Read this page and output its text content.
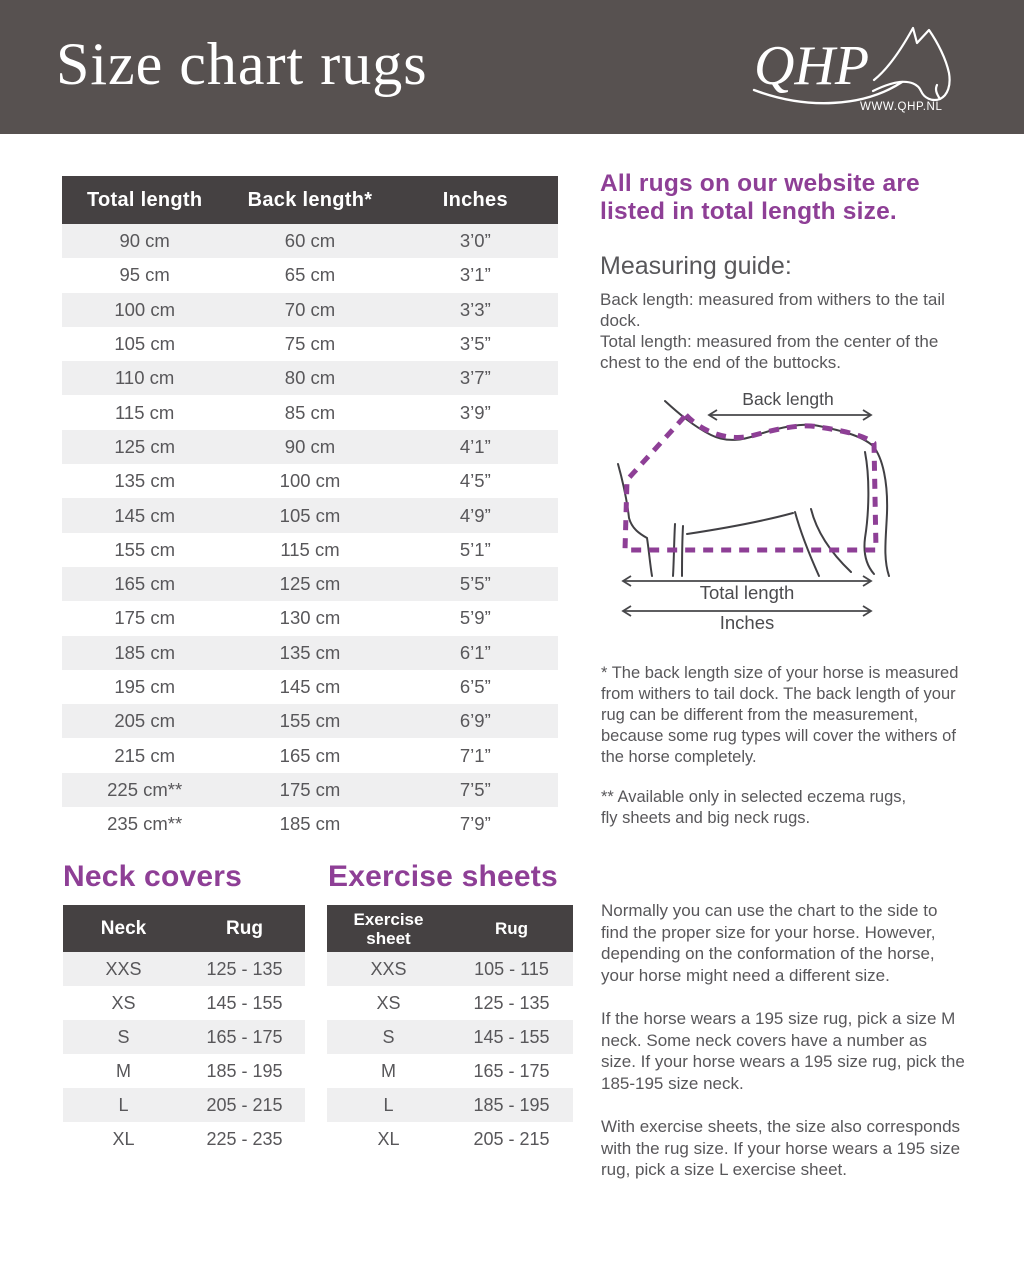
Size chart rugs	QHP
WWW.QHP.NL
Total length	Back length*	Inches
90 cm	60 cm	3’0”
95 cm	65 cm	3’1”
100 cm	70 cm	3’3”
105 cm	75 cm	3’5”
110 cm	80 cm	3’7”
115 cm	85 cm	3’9”
125 cm	90 cm	4’1”
135 cm	100 cm	4’5”
145 cm	105 cm	4’9”
155 cm	115 cm	5’1”
165 cm	125 cm	5’5”
175 cm	130 cm	5’9”
185 cm	135 cm	6’1”
195 cm	145 cm	6’5”
205 cm	155 cm	6’9”
215 cm	165 cm	7’1”
225 cm**	175 cm	7’5”
235 cm**	185 cm	7’9”
All rugs on our website are listed in total length size.
Measuring guide:
Back length: measured from withers to the tail dock.
Total length: measured from the center of the chest to the end of the buttocks.
Back length
Total length
Inches
* The back length size of your horse is measured from withers to tail dock. The back length of your rug can be different from the measurement, because some rug types will cover the withers of the horse completely.
** Available only in selected eczema rugs,
fly sheets and big neck rugs.
Neck covers
Neck	Rug
XXS	125 - 135
XS	145 - 155
S	165 - 175
M	185 - 195
L	205 - 215
XL	225 - 235
Exercise sheets
Exercise sheet	Rug
XXS	105 - 115
XS	125 - 135
S	145 - 155
M	165 - 175
L	185 - 195
XL	205 - 215

Normally you can use the chart to the side to find the proper size for your horse. However, depending on the conformation of the horse, your horse might need a different size.

If the horse wears a 195 size rug, pick a size M neck. Some neck covers have a number as size. If your horse wears a 195 size rug, pick the 185-195 size neck.

With exercise sheets, the size also corresponds with the rug size. If your horse wears a 195 size rug, pick a size L exercise sheet.
